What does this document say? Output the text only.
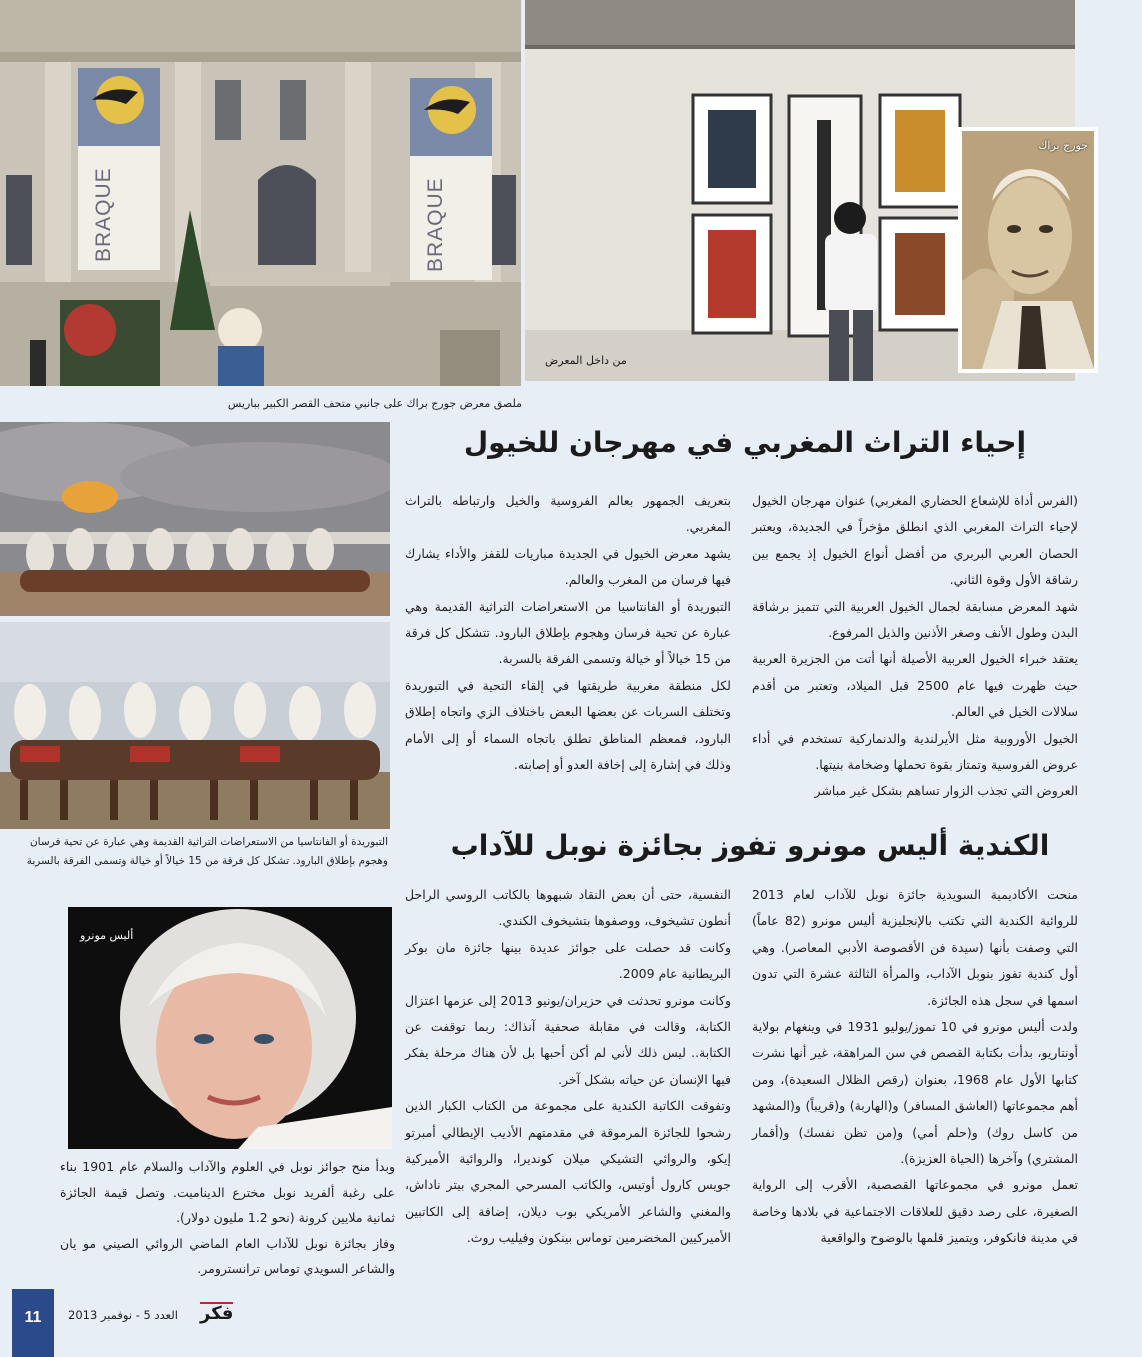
BRAQUE	BRAQUE
من داخل المعرض
جورج براك
ملصق معرض جورج براك على جانبي متحف القصر الكبير بباريس
التبوريدة أو الفانتاسيا من الاستعراضات التراثية القديمة وهي عبارة عن تحية فرسان وهجوم بإطلاق البارود. تشكل كل فرقة من 15 خيالاً أو خيالة وتسمى الفرقة بالسربة
إحياء التراث المغربي في مهرجان للخيول

(الفرس أداة للإشعاع الحضاري المغربي) عنوان مهرجان الخيول لإحياء التراث المغربي الذي انطلق مؤخراً في الجديدة، ويعتبر الحصان العربي البربري من أفضل أنواع الخيول إذ يجمع بين رشاقة الأول وقوة الثاني.

شهد المعرض مسابقة لجمال الخيول العربية التي تتميز برشاقة البدن وطول الأنف وصغر الأذنين والذيل المرفوع.

يعتقد خبراء الخيول العربية الأصيلة أنها أتت من الجزيرة العربية حيث ظهرت فيها عام 2500 قبل الميلاد، وتعتبر من أقدم سلالات الخيل في العالم.

الخيول الأوروبية مثل الأيرلندية والدنماركية تستخدم في أداء عروض الفروسية وتمتاز بقوة تحملها وضخامة بنيتها.

العروض التي تجذب الزوار تساهم بشكل غير مباشر

بتعريف الجمهور بعالم الفروسية والخيل وارتباطه بالتراث المغربي.

يشهد معرض الخيول في الجديدة مباريات للقفز والأداء يشارك فيها فرسان من المغرب والعالم.

التبوريدة أو الفانتاسيا من الاستعراضات التراثية القديمة وهي عبارة عن تحية فرسان وهجوم بإطلاق البارود. تتشكل كل فرقة من 15 خيالاً أو خيالة وتسمى الفرقة بالسربة.

لكل منطقة مغربية طريقتها في إلقاء التحية في التبوريدة وتختلف السربات عن بعضها البعض باختلاف الزي واتجاه إطلاق البارود، فمعظم المناطق تطلق باتجاه السماء أو إلى الأمام وذلك في إشارة إلى إخافة العدو أو إصابته.

الكندية أليس مونرو تفوز بجائزة نوبل للآداب

منحت الأكاديمية السويدية جائزة نوبل للآداب لعام 2013 للروائية الكندية التي تكتب بالإنجليزية أليس مونرو (82 عاماً) التي وصفت بأنها (سيدة فن الأقصوصة الأدبي المعاصر). وهي أول كندية تفوز بنوبل الآداب، والمرأة الثالثة عشرة التي تدون اسمها في سجل هذه الجائزة.

ولدت أليس مونرو في 10 تموز/يوليو 1931 في وينغهام بولاية أونتاريو، بدأت بكتابة القصص في سن المراهقة، غير أنها نشرت كتابها الأول عام 1968، بعنوان (رقص الظلال السعيدة)، ومن أهم مجموعاتها (العاشق المسافر) و(الهاربة) و(قريباً) و(المشهد من كاسل روك) و(حلم أمي) و(من تظن نفسك) و(أقمار المشتري) وآخرها (الحياة العزيزة).

تعمل مونرو في مجموعاتها القصصية، الأقرب إلى الرواية الصغيرة، على رصد دقيق للعلاقات الاجتماعية في بلادها وخاصة في مدينة فانكوفر، ويتميز قلمها بالوضوح والواقعية

النفسية، حتى أن بعض النقاد شبهوها بالكاتب الروسي الراحل أنطون تشيخوف، ووصفوها بتشيخوف الكندي.

وكانت قد حصلت على جوائز عديدة بينها جائزة مان بوكر البريطانية عام 2009.

وكانت مونرو تحدثت في حزيران/يونيو 2013 إلى عزمها اعتزال الكتابة، وقالت في مقابلة صحفية آنذاك: ربما توقفت عن الكتابة.. ليس ذلك لأني لم أكن أحبها بل لأن هناك مرحلة يفكر فيها الإنسان عن حياته بشكل آخر.

وتفوقت الكاتبة الكندية على مجموعة من الكتاب الكبار الذين رشحوا للجائزة المرموقة في مقدمتهم الأديب الإيطالي أمبرتو إيكو، والروائي التشيكي ميلان كونديرا، والروائية الأميركية جويس كارول أوتيس، والكاتب المسرحي المجري بيتر ناداش، والمغني والشاعر الأمريكي بوب ديلان، إضافة إلى الكاتبين الأميركيين المخضرمين توماس بينكون وفيليب روث.

أليس مونرو

وبدأ منح جوائز نوبل في العلوم والآداب والسلام عام 1901 بناء على رغبة ألفريد نوبل مخترع الديناميت. وتصل قيمة الجائزة ثمانية ملايين كرونة (نحو 1.2 مليون دولار).

وفاز بجائزة نوبل للآداب العام الماضي الروائي الصيني مو يان والشاعر السويدي توماس ترانسترومر.

11	العدد 5 - نوفمبر 2013	فكر
